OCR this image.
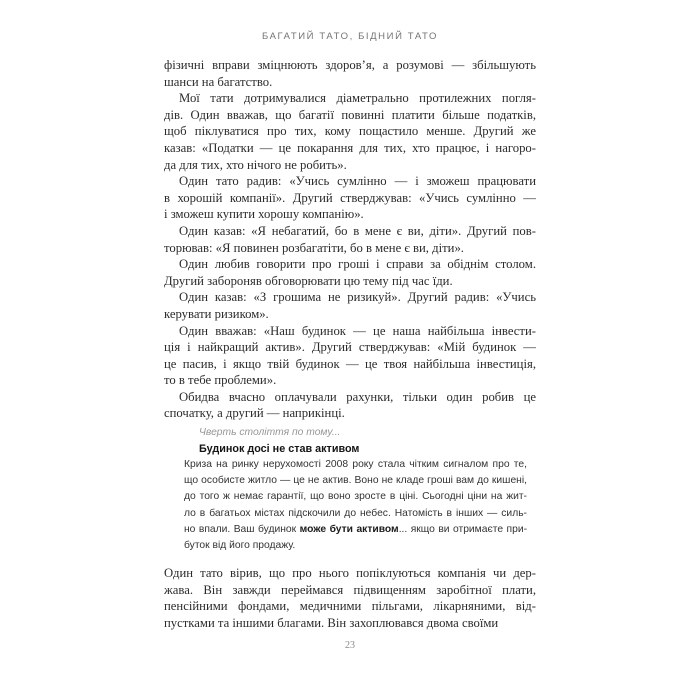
БАГАТИЙ ТАТО, БІДНИЙ ТАТО
фізичні вправи зміцнюють здоров’я, а розумові — збільшують
шанси на багатство.
Мої тати дотримувалися діаметрально протилежних погля-
дів. Один вважав, що багатії повинні платити більше податків,
щоб піклуватися про тих, кому пощастило менше. Другий же
казав: «Податки — це покарання для тих, хто працює, і нагоро-
да для тих, хто нічого не робить».
Один тато радив: «Учись сумлінно — і зможеш працювати
в хорошій компанії». Другий стверджував: «Учись сумлінно —
і зможеш купити хорошу компанію».
Один казав: «Я небагатий, бо в мене є ви, діти». Другий пов-
торював: «Я повинен розбагатіти, бо в мене є ви, діти».
Один любив говорити про гроші і справи за обіднім столом.
Другий забороняв обговорювати цю тему під час їди.
Один казав: «З грошима не ризикуй». Другий радив: «Учись
керувати ризиком».
Один вважав: «Наш будинок — це наша найбільша інвести-
ція і найкращий актив». Другий стверджував: «Мій будинок —
це пасив, і якщо твій будинок — це твоя найбільша інвестиція,
то в тебе проблеми».
Обидва вчасно оплачували рахунки, тільки один робив це
спочатку, а другий — наприкінці.
Чверть століття по тому...
Будинок досі не став активом
Криза на ринку нерухомості 2008 року стала чітким сигналом про те,
що особисте житло — це не актив. Воно не кладе гроші вам до кишені,
до того ж немає гарантії, що воно зросте в ціні. Сьогодні ціни на жит-
ло в багатьох містах підскочили до небес. Натомість в інших — силь-
но впали. Ваш будинок може бути активом... якщо ви отримаєте при-
буток від його продажу.
Один тато вірив, що про нього попіклуються компанія чи дер-
жава. Він завжди переймався підвищенням заробітної плати,
пенсійними фондами, медичними пільгами, лікарняними, від-
пустками та іншими благами. Він захоплювався двома своїми
23
